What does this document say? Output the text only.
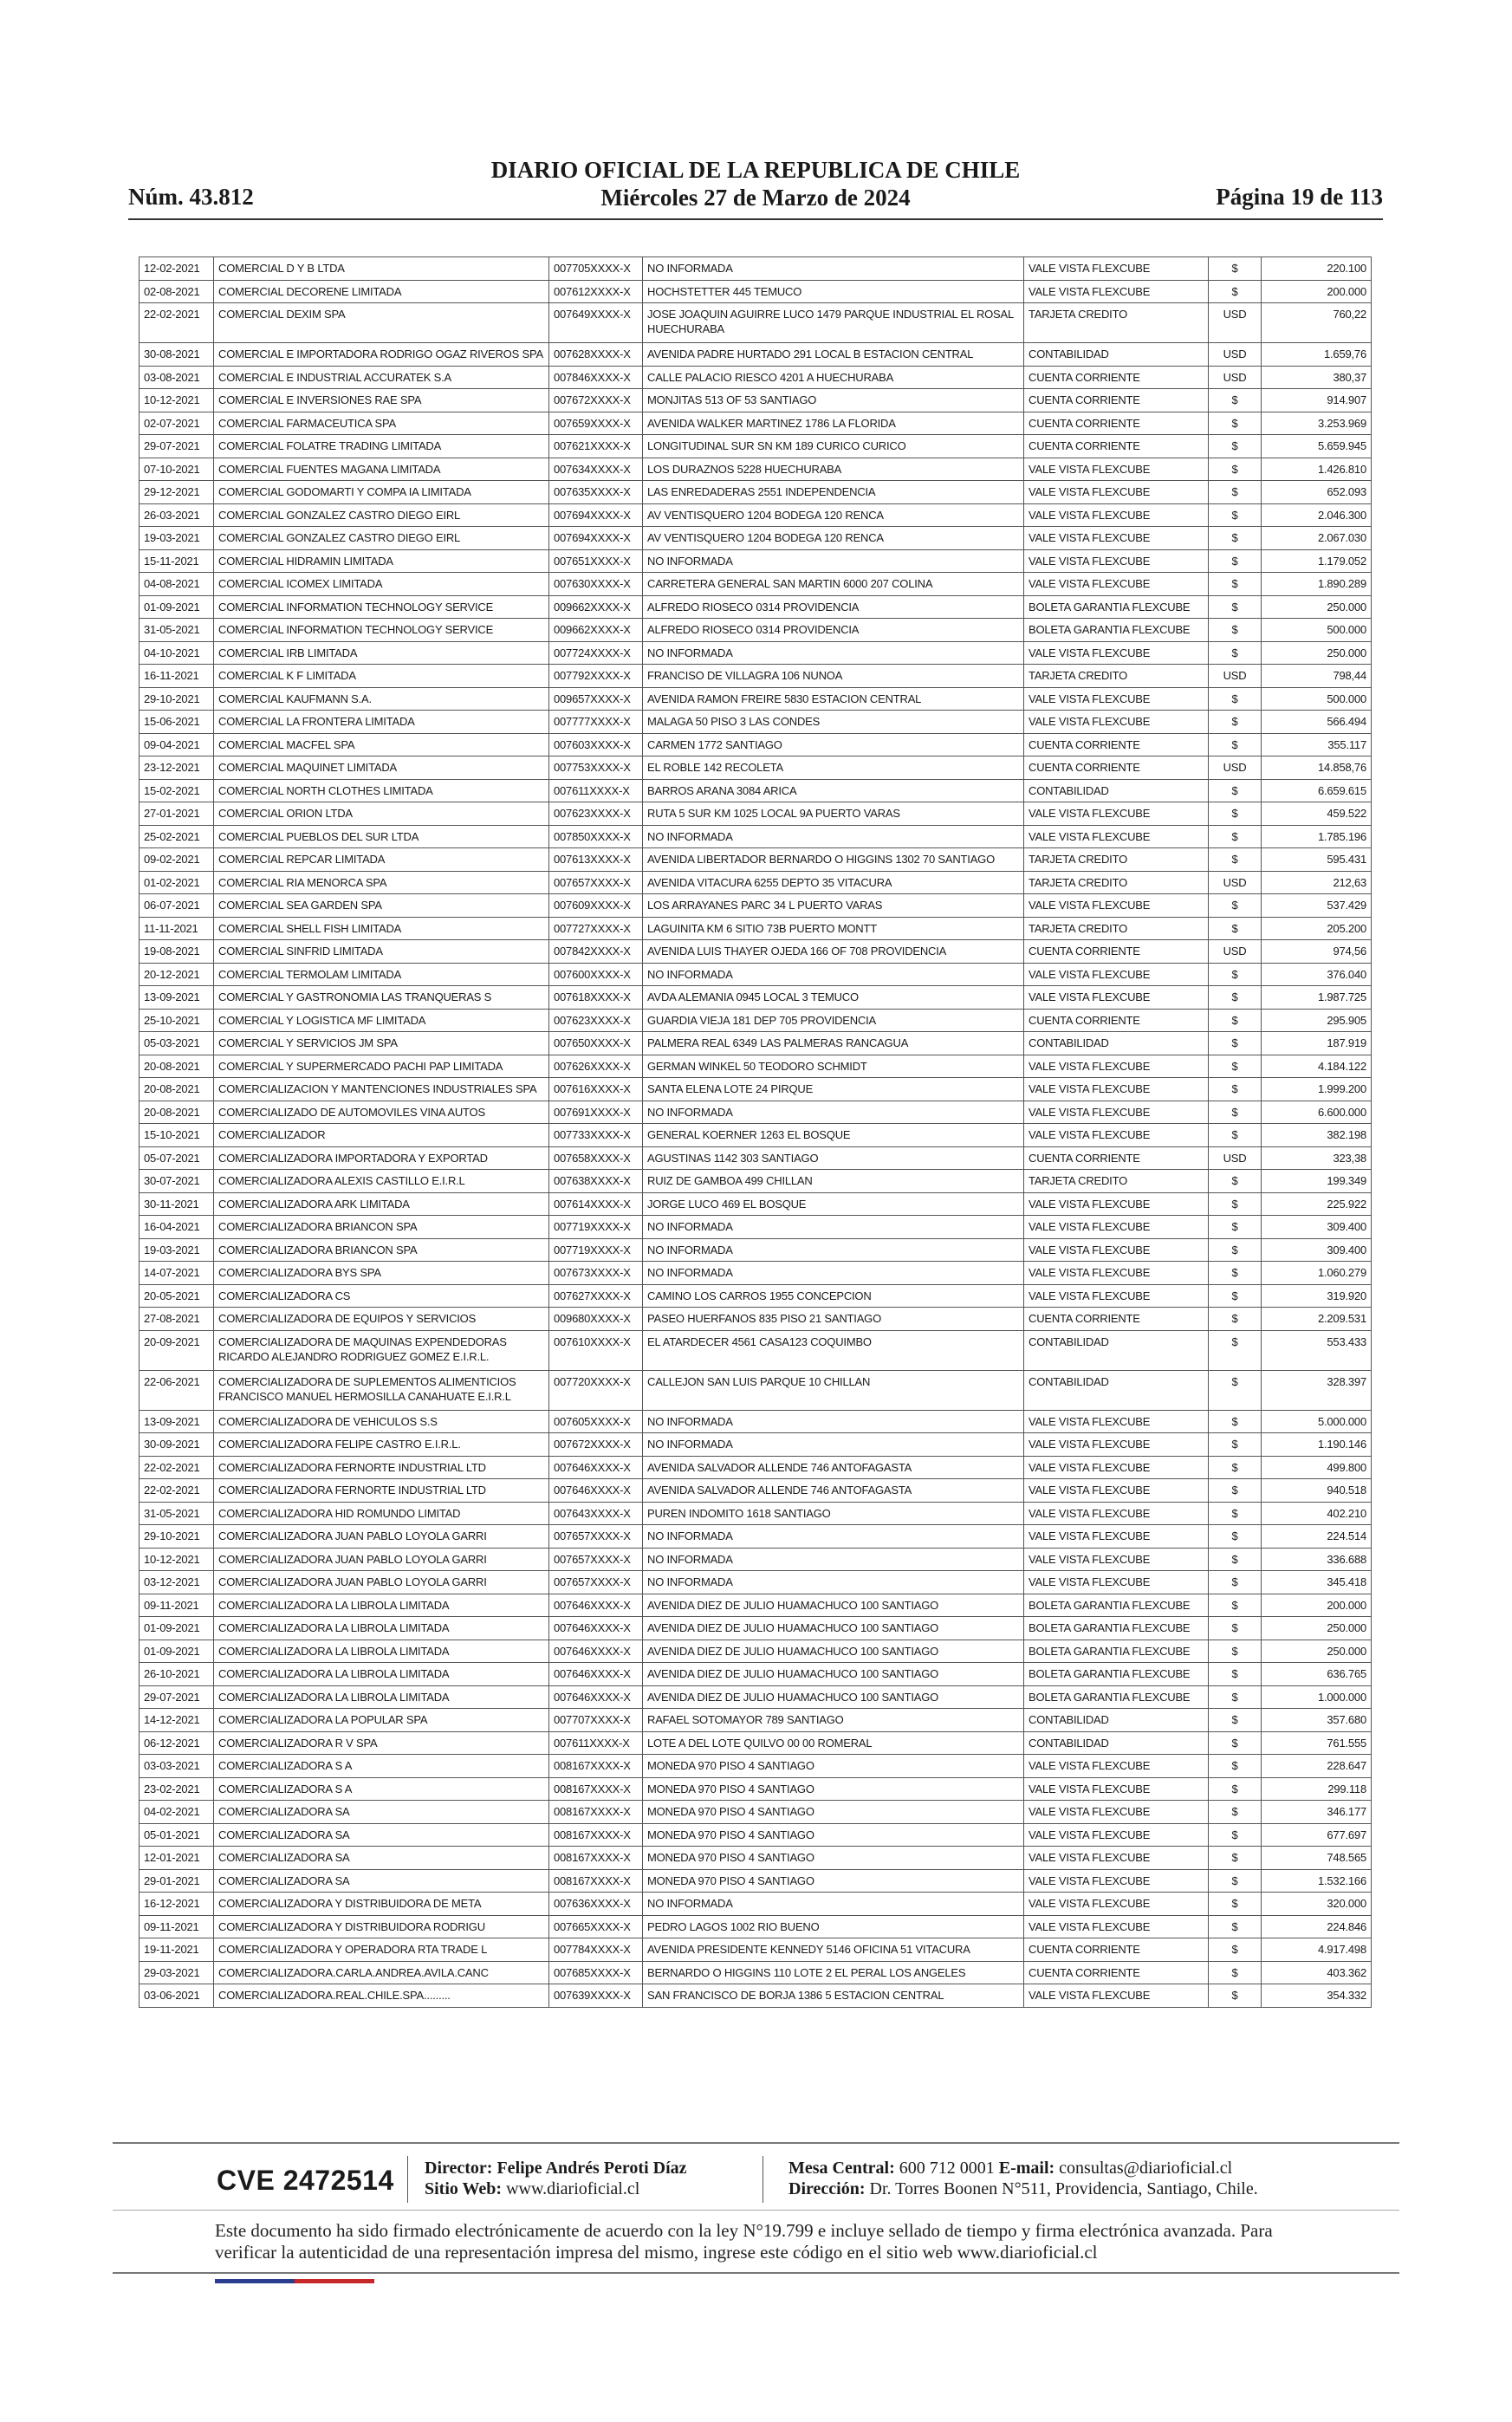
Núm. 43.812
DIARIO OFICIAL DE LA REPUBLICA DE CHILE
Miércoles 27 de Marzo de 2024	Página 19 de 113
12-02-2021	COMERCIAL D Y B LTDA	007705XXXX-X	NO INFORMADA	VALE VISTA FLEXCUBE	$	220.100
02-08-2021	COMERCIAL DECORENE LIMITADA	007612XXXX-X	HOCHSTETTER 445 TEMUCO	VALE VISTA FLEXCUBE	$	200.000
22-02-2021	COMERCIAL DEXIM SPA	007649XXXX-X	JOSE JOAQUIN AGUIRRE LUCO 1479 PARQUE INDUSTRIAL EL ROSAL HUECHURABA	TARJETA CREDITO	USD	760,22
30-08-2021	COMERCIAL E IMPORTADORA RODRIGO OGAZ RIVEROS SPA	007628XXXX-X	AVENIDA PADRE HURTADO 291 LOCAL B ESTACION CENTRAL	CONTABILIDAD	USD	1.659,76
03-08-2021	COMERCIAL E INDUSTRIAL ACCURATEK S.A	007846XXXX-X	CALLE PALACIO RIESCO 4201 A HUECHURABA	CUENTA CORRIENTE	USD	380,37
10-12-2021	COMERCIAL E INVERSIONES RAE SPA	007672XXXX-X	MONJITAS 513 OF 53 SANTIAGO	CUENTA CORRIENTE	$	914.907
02-07-2021	COMERCIAL FARMACEUTICA SPA	007659XXXX-X	AVENIDA WALKER MARTINEZ 1786 LA FLORIDA	CUENTA CORRIENTE	$	3.253.969
29-07-2021	COMERCIAL FOLATRE TRADING LIMITADA	007621XXXX-X	LONGITUDINAL SUR SN KM 189 CURICO CURICO	CUENTA CORRIENTE	$	5.659.945
07-10-2021	COMERCIAL FUENTES MAGANA LIMITADA	007634XXXX-X	LOS DURAZNOS 5228 HUECHURABA	VALE VISTA FLEXCUBE	$	1.426.810
29-12-2021	COMERCIAL GODOMARTI Y COMPA IA LIMITADA	007635XXXX-X	LAS ENREDADERAS 2551 INDEPENDENCIA	VALE VISTA FLEXCUBE	$	652.093
26-03-2021	COMERCIAL GONZALEZ CASTRO DIEGO EIRL	007694XXXX-X	AV VENTISQUERO 1204 BODEGA 120 RENCA	VALE VISTA FLEXCUBE	$	2.046.300
19-03-2021	COMERCIAL GONZALEZ CASTRO DIEGO EIRL	007694XXXX-X	AV VENTISQUERO 1204 BODEGA 120 RENCA	VALE VISTA FLEXCUBE	$	2.067.030
15-11-2021	COMERCIAL HIDRAMIN LIMITADA	007651XXXX-X	NO INFORMADA	VALE VISTA FLEXCUBE	$	1.179.052
04-08-2021	COMERCIAL ICOMEX LIMITADA	007630XXXX-X	CARRETERA GENERAL SAN MARTIN 6000 207 COLINA	VALE VISTA FLEXCUBE	$	1.890.289
01-09-2021	COMERCIAL INFORMATION TECHNOLOGY SERVICE	009662XXXX-X	ALFREDO RIOSECO 0314 PROVIDENCIA	BOLETA GARANTIA FLEXCUBE	$	250.000
31-05-2021	COMERCIAL INFORMATION TECHNOLOGY SERVICE	009662XXXX-X	ALFREDO RIOSECO 0314 PROVIDENCIA	BOLETA GARANTIA FLEXCUBE	$	500.000
04-10-2021	COMERCIAL IRB LIMITADA	007724XXXX-X	NO INFORMADA	VALE VISTA FLEXCUBE	$	250.000
16-11-2021	COMERCIAL K F LIMITADA	007792XXXX-X	FRANCISO DE VILLAGRA 106 NUNOA	TARJETA CREDITO	USD	798,44
29-10-2021	COMERCIAL KAUFMANN S.A.	009657XXXX-X	AVENIDA RAMON FREIRE 5830 ESTACION CENTRAL	VALE VISTA FLEXCUBE	$	500.000
15-06-2021	COMERCIAL LA FRONTERA LIMITADA	007777XXXX-X	MALAGA 50 PISO 3 LAS CONDES	VALE VISTA FLEXCUBE	$	566.494
09-04-2021	COMERCIAL MACFEL SPA	007603XXXX-X	CARMEN 1772 SANTIAGO	CUENTA CORRIENTE	$	355.117
23-12-2021	COMERCIAL MAQUINET LIMITADA	007753XXXX-X	EL ROBLE 142 RECOLETA	CUENTA CORRIENTE	USD	14.858,76
15-02-2021	COMERCIAL NORTH CLOTHES LIMITADA	007611XXXX-X	BARROS ARANA 3084 ARICA	CONTABILIDAD	$	6.659.615
27-01-2021	COMERCIAL ORION LTDA	007623XXXX-X	RUTA 5 SUR KM 1025 LOCAL 9A PUERTO VARAS	VALE VISTA FLEXCUBE	$	459.522
25-02-2021	COMERCIAL PUEBLOS DEL SUR LTDA	007850XXXX-X	NO INFORMADA	VALE VISTA FLEXCUBE	$	1.785.196
09-02-2021	COMERCIAL REPCAR LIMITADA	007613XXXX-X	AVENIDA LIBERTADOR BERNARDO O HIGGINS 1302 70 SANTIAGO	TARJETA CREDITO	$	595.431
01-02-2021	COMERCIAL RIA MENORCA SPA	007657XXXX-X	AVENIDA VITACURA 6255 DEPTO 35 VITACURA	TARJETA CREDITO	USD	212,63
06-07-2021	COMERCIAL SEA GARDEN SPA	007609XXXX-X	LOS ARRAYANES PARC 34 L PUERTO VARAS	VALE VISTA FLEXCUBE	$	537.429
11-11-2021	COMERCIAL SHELL FISH LIMITADA	007727XXXX-X	LAGUINITA KM 6 SITIO 73B PUERTO MONTT	TARJETA CREDITO	$	205.200
19-08-2021	COMERCIAL SINFRID LIMITADA	007842XXXX-X	AVENIDA LUIS THAYER OJEDA 166 OF 708 PROVIDENCIA	CUENTA CORRIENTE	USD	974,56
20-12-2021	COMERCIAL TERMOLAM LIMITADA	007600XXXX-X	NO INFORMADA	VALE VISTA FLEXCUBE	$	376.040
13-09-2021	COMERCIAL Y GASTRONOMIA LAS TRANQUERAS S	007618XXXX-X	AVDA ALEMANIA 0945 LOCAL 3 TEMUCO	VALE VISTA FLEXCUBE	$	1.987.725
25-10-2021	COMERCIAL Y LOGISTICA MF LIMITADA	007623XXXX-X	GUARDIA VIEJA 181 DEP 705 PROVIDENCIA	CUENTA CORRIENTE	$	295.905
05-03-2021	COMERCIAL Y SERVICIOS JM SPA	007650XXXX-X	PALMERA REAL 6349 LAS PALMERAS RANCAGUA	CONTABILIDAD	$	187.919
20-08-2021	COMERCIAL Y SUPERMERCADO PACHI PAP LIMITADA	007626XXXX-X	GERMAN WINKEL 50 TEODORO SCHMIDT	VALE VISTA FLEXCUBE	$	4.184.122
20-08-2021	COMERCIALIZACION Y MANTENCIONES INDUSTRIALES SPA	007616XXXX-X	SANTA ELENA LOTE 24 PIRQUE	VALE VISTA FLEXCUBE	$	1.999.200
20-08-2021	COMERCIALIZADO DE AUTOMOVILES VINA AUTOS	007691XXXX-X	NO INFORMADA	VALE VISTA FLEXCUBE	$	6.600.000
15-10-2021	COMERCIALIZADOR	007733XXXX-X	GENERAL KOERNER 1263 EL BOSQUE	VALE VISTA FLEXCUBE	$	382.198
05-07-2021	COMERCIALIZADORA IMPORTADORA Y EXPORTAD	007658XXXX-X	AGUSTINAS 1142 303 SANTIAGO	CUENTA CORRIENTE	USD	323,38
30-07-2021	COMERCIALIZADORA ALEXIS CASTILLO E.I.R.L	007638XXXX-X	RUIZ DE GAMBOA 499 CHILLAN	TARJETA CREDITO	$	199.349
30-11-2021	COMERCIALIZADORA ARK LIMITADA	007614XXXX-X	JORGE LUCO 469 EL BOSQUE	VALE VISTA FLEXCUBE	$	225.922
16-04-2021	COMERCIALIZADORA BRIANCON SPA	007719XXXX-X	NO INFORMADA	VALE VISTA FLEXCUBE	$	309.400
19-03-2021	COMERCIALIZADORA BRIANCON SPA	007719XXXX-X	NO INFORMADA	VALE VISTA FLEXCUBE	$	309.400
14-07-2021	COMERCIALIZADORA BYS SPA	007673XXXX-X	NO INFORMADA	VALE VISTA FLEXCUBE	$	1.060.279
20-05-2021	COMERCIALIZADORA CS	007627XXXX-X	CAMINO LOS CARROS 1955 CONCEPCION	VALE VISTA FLEXCUBE	$	319.920
27-08-2021	COMERCIALIZADORA DE EQUIPOS Y SERVICIOS	009680XXXX-X	PASEO HUERFANOS 835 PISO 21 SANTIAGO	CUENTA CORRIENTE	$	2.209.531
20-09-2021	COMERCIALIZADORA DE MAQUINAS EXPENDEDORAS RICARDO ALEJANDRO RODRIGUEZ GOMEZ E.I.R.L.	007610XXXX-X	EL ATARDECER 4561 CASA123 COQUIMBO	CONTABILIDAD	$	553.433
22-06-2021	COMERCIALIZADORA DE SUPLEMENTOS ALIMENTICIOS FRANCISCO MANUEL HERMOSILLA CANAHUATE E.I.R.L	007720XXXX-X	CALLEJON SAN LUIS PARQUE 10 CHILLAN	CONTABILIDAD	$	328.397
13-09-2021	COMERCIALIZADORA DE VEHICULOS S.S	007605XXXX-X	NO INFORMADA	VALE VISTA FLEXCUBE	$	5.000.000
30-09-2021	COMERCIALIZADORA FELIPE CASTRO E.I.R.L.	007672XXXX-X	NO INFORMADA	VALE VISTA FLEXCUBE	$	1.190.146
22-02-2021	COMERCIALIZADORA FERNORTE INDUSTRIAL LTD	007646XXXX-X	AVENIDA SALVADOR ALLENDE 746 ANTOFAGASTA	VALE VISTA FLEXCUBE	$	499.800
22-02-2021	COMERCIALIZADORA FERNORTE INDUSTRIAL LTD	007646XXXX-X	AVENIDA SALVADOR ALLENDE 746 ANTOFAGASTA	VALE VISTA FLEXCUBE	$	940.518
31-05-2021	COMERCIALIZADORA HID ROMUNDO LIMITAD	007643XXXX-X	PUREN INDOMITO 1618 SANTIAGO	VALE VISTA FLEXCUBE	$	402.210
29-10-2021	COMERCIALIZADORA JUAN PABLO LOYOLA GARRI	007657XXXX-X	NO INFORMADA	VALE VISTA FLEXCUBE	$	224.514
10-12-2021	COMERCIALIZADORA JUAN PABLO LOYOLA GARRI	007657XXXX-X	NO INFORMADA	VALE VISTA FLEXCUBE	$	336.688
03-12-2021	COMERCIALIZADORA JUAN PABLO LOYOLA GARRI	007657XXXX-X	NO INFORMADA	VALE VISTA FLEXCUBE	$	345.418
09-11-2021	COMERCIALIZADORA LA LIBROLA LIMITADA	007646XXXX-X	AVENIDA DIEZ DE JULIO HUAMACHUCO 100 SANTIAGO	BOLETA GARANTIA FLEXCUBE	$	200.000
01-09-2021	COMERCIALIZADORA LA LIBROLA LIMITADA	007646XXXX-X	AVENIDA DIEZ DE JULIO HUAMACHUCO 100 SANTIAGO	BOLETA GARANTIA FLEXCUBE	$	250.000
01-09-2021	COMERCIALIZADORA LA LIBROLA LIMITADA	007646XXXX-X	AVENIDA DIEZ DE JULIO HUAMACHUCO 100 SANTIAGO	BOLETA GARANTIA FLEXCUBE	$	250.000
26-10-2021	COMERCIALIZADORA LA LIBROLA LIMITADA	007646XXXX-X	AVENIDA DIEZ DE JULIO HUAMACHUCO 100 SANTIAGO	BOLETA GARANTIA FLEXCUBE	$	636.765
29-07-2021	COMERCIALIZADORA LA LIBROLA LIMITADA	007646XXXX-X	AVENIDA DIEZ DE JULIO HUAMACHUCO 100 SANTIAGO	BOLETA GARANTIA FLEXCUBE	$	1.000.000
14-12-2021	COMERCIALIZADORA LA POPULAR SPA	007707XXXX-X	RAFAEL SOTOMAYOR 789 SANTIAGO	CONTABILIDAD	$	357.680
06-12-2021	COMERCIALIZADORA R V SPA	007611XXXX-X	LOTE A DEL LOTE QUILVO 00 00 ROMERAL	CONTABILIDAD	$	761.555
03-03-2021	COMERCIALIZADORA S A	008167XXXX-X	MONEDA 970 PISO 4 SANTIAGO	VALE VISTA FLEXCUBE	$	228.647
23-02-2021	COMERCIALIZADORA S A	008167XXXX-X	MONEDA 970 PISO 4 SANTIAGO	VALE VISTA FLEXCUBE	$	299.118
04-02-2021	COMERCIALIZADORA SA	008167XXXX-X	MONEDA 970 PISO 4 SANTIAGO	VALE VISTA FLEXCUBE	$	346.177
05-01-2021	COMERCIALIZADORA SA	008167XXXX-X	MONEDA 970 PISO 4 SANTIAGO	VALE VISTA FLEXCUBE	$	677.697
12-01-2021	COMERCIALIZADORA SA	008167XXXX-X	MONEDA 970 PISO 4 SANTIAGO	VALE VISTA FLEXCUBE	$	748.565
29-01-2021	COMERCIALIZADORA SA	008167XXXX-X	MONEDA 970 PISO 4 SANTIAGO	VALE VISTA FLEXCUBE	$	1.532.166
16-12-2021	COMERCIALIZADORA Y DISTRIBUIDORA DE META	007636XXXX-X	NO INFORMADA	VALE VISTA FLEXCUBE	$	320.000
09-11-2021	COMERCIALIZADORA Y DISTRIBUIDORA RODRIGU	007665XXXX-X	PEDRO LAGOS 1002 RIO BUENO	VALE VISTA FLEXCUBE	$	224.846
19-11-2021	COMERCIALIZADORA Y OPERADORA RTA TRADE L	007784XXXX-X	AVENIDA PRESIDENTE KENNEDY 5146 OFICINA 51 VITACURA	CUENTA CORRIENTE	$	4.917.498
29-03-2021	COMERCIALIZADORA.CARLA.ANDREA.AVILA.CANC	007685XXXX-X	BERNARDO O HIGGINS 110 LOTE 2 EL PERAL LOS ANGELES	CUENTA CORRIENTE	$	403.362
03-06-2021	COMERCIALIZADORA.REAL.CHILE.SPA.........	007639XXXX-X	SAN FRANCISCO DE BORJA 1386 5 ESTACION CENTRAL	VALE VISTA FLEXCUBE	$	354.332
CVE 2472514 Director: Felipe Andrés Peroti Díaz
Sitio Web: www.diarioficial.cl
Mesa Central: 600 712 0001 E-mail: consultas@diarioficial.cl
Dirección: Dr. Torres Boonen N°511, Providencia, Santiago, Chile.
Este documento ha sido firmado electrónicamente de acuerdo con la ley N°19.799 e incluye sellado de tiempo y firma electrónica avanzada. Para verificar la autenticidad de una representación impresa del mismo, ingrese este código en el sitio web www.diarioficial.cl
